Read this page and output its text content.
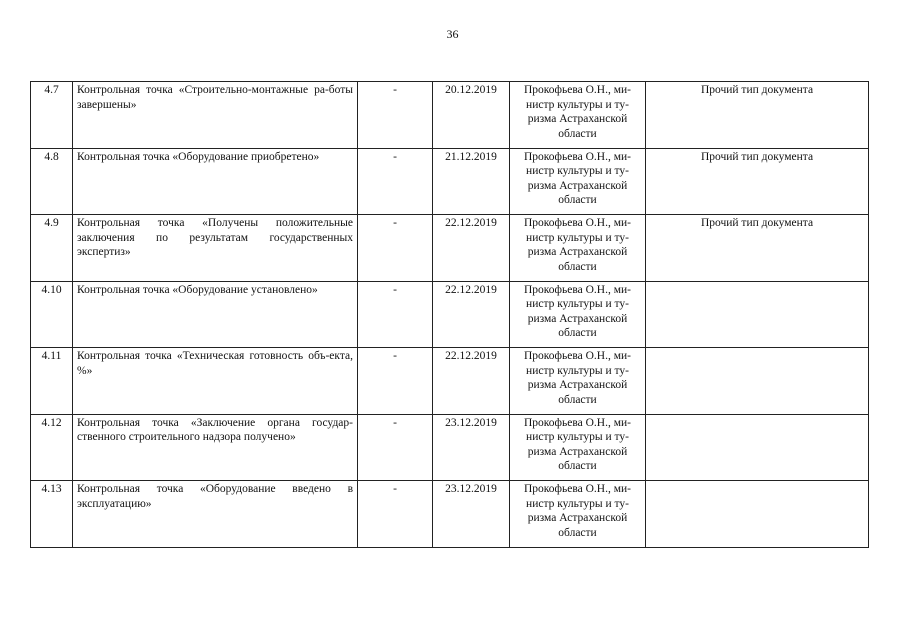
36
4.7	Контрольная точка «Строительно-монтажные ра-боты завершены»	-	20.12.2019	Прокофьева О.Н., ми-нистр культуры и ту-ризма Астраханской области	Прочий тип документа
4.8	Контрольная точка «Оборудование приобретено»	-	21.12.2019	Прокофьева О.Н., ми-нистр культуры и ту-ризма Астраханской области	Прочий тип документа
4.9	Контрольная точка «Получены положительные заключения по результатам государственных экспертиз»	-	22.12.2019	Прокофьева О.Н., ми-нистр культуры и ту-ризма Астраханской области	Прочий тип документа
4.10	Контрольная точка «Оборудование установлено»	-	22.12.2019	Прокофьева О.Н., ми-нистр культуры и ту-ризма Астраханской области	
4.11	Контрольная точка «Техническая готовность объ-екта, %»	-	22.12.2019	Прокофьева О.Н., ми-нистр культуры и ту-ризма Астраханской области	
4.12	Контрольная точка «Заключение органа государ-ственного строительного надзора получено»	-	23.12.2019	Прокофьева О.Н., ми-нистр культуры и ту-ризма Астраханской области	
4.13	Контрольная точка «Оборудование введено в эксплуатацию»	-	23.12.2019	Прокофьева О.Н., ми-нистр культуры и ту-ризма Астраханской области	
